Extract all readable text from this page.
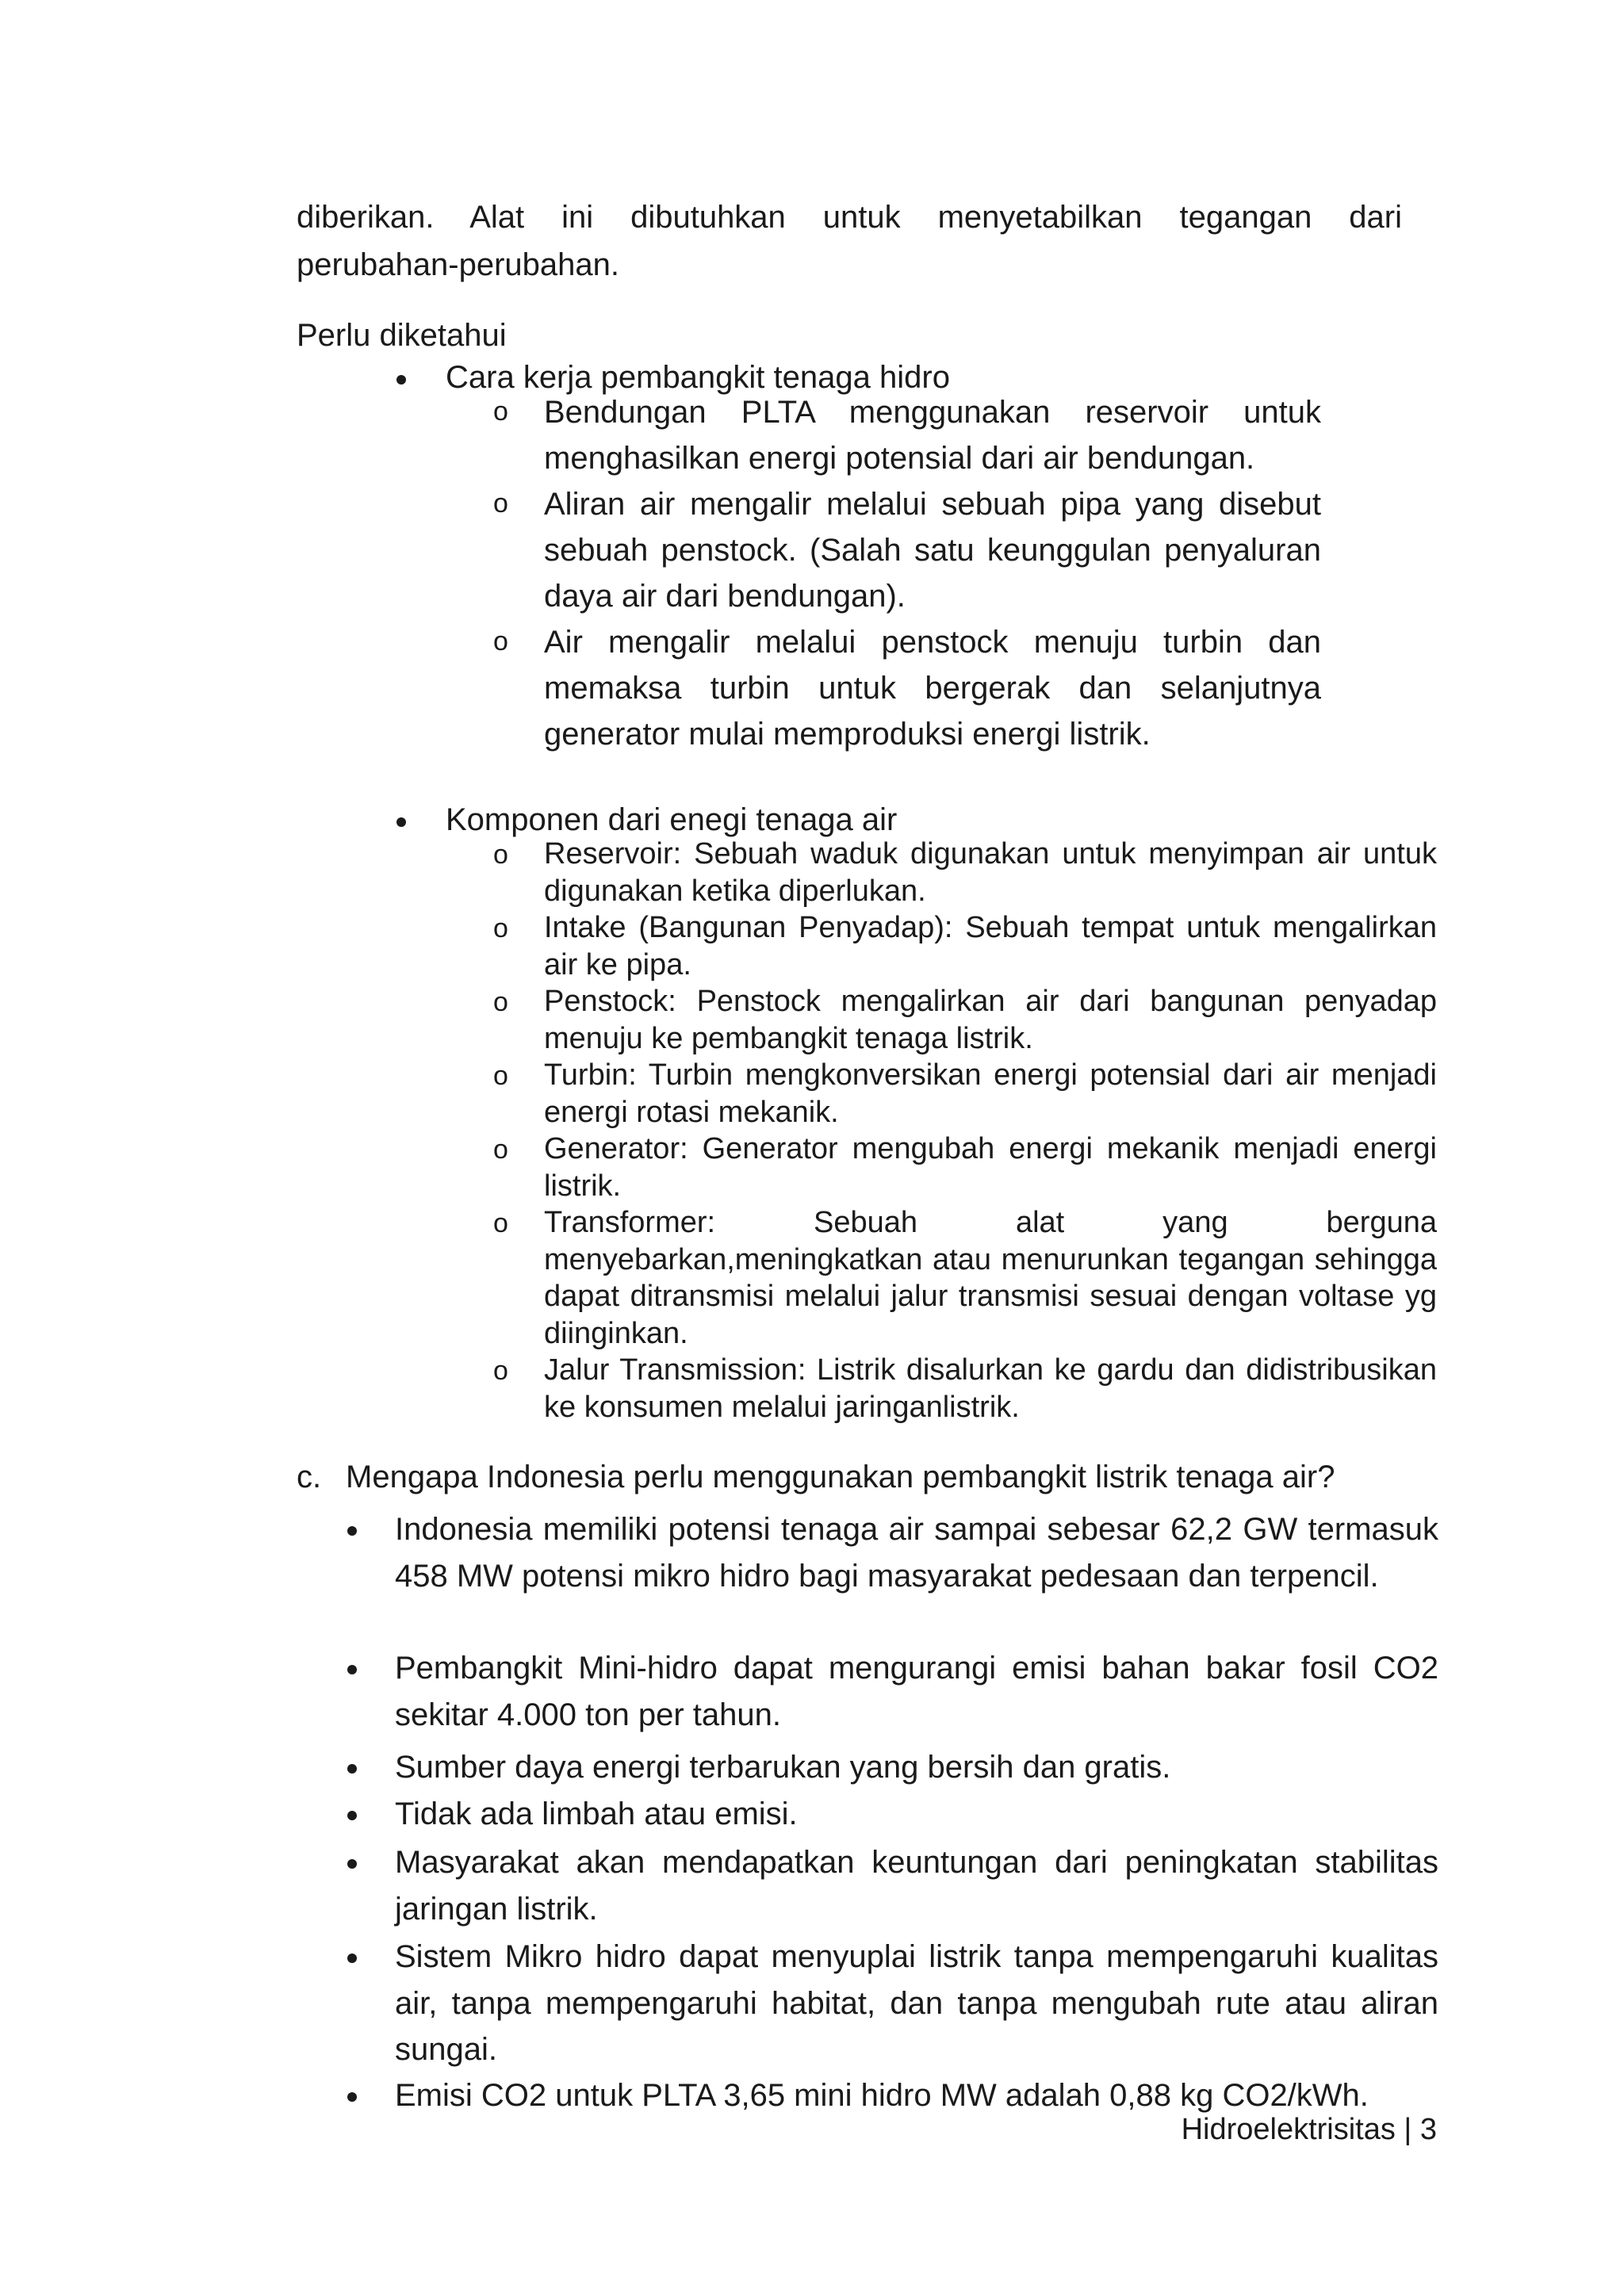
diberikan. Alat ini dibutuhkan untuk menyetabilkan tegangan dari
perubahan-perubahan.
Perlu diketahui
Cara kerja pembangkit tenaga hidro
o Bendungan PLTA menggunakan reservoir untuk menghasilkan energi potensial dari air bendungan.

o Aliran air mengalir melalui sebuah pipa yang disebut sebuah penstock. (Salah satu keunggulan penyaluran daya air dari bendungan).

o Air mengalir melalui penstock menuju turbin dan memaksa turbin untuk bergerak dan selanjutnya generator mulai memproduksi energi listrik.

Komponen dari enegi tenaga air
o Reservoir: Sebuah waduk digunakan untuk menyimpan air untuk digunakan ketika diperlukan.

o Intake (Bangunan Penyadap): Sebuah tempat untuk mengalirkan air ke pipa.

o Penstock: Penstock mengalirkan air dari bangunan penyadap menuju ke pembangkit tenaga listrik.

o Turbin: Turbin mengkonversikan energi potensial dari air menjadi energi rotasi mekanik.

o Generator: Generator mengubah energi mekanik menjadi energi listrik.

o Transformer: Sebuah alat yang berguna menyebarkan,meningkatkan atau menurunkan tegangan sehingga dapat ditransmisi melalui jalur transmisi sesuai dengan voltase yg diinginkan.

o Jalur Transmission: Listrik disalurkan ke gardu dan didistribusikan ke konsumen melalui jaringanlistrik.

c. Mengapa Indonesia perlu menggunakan pembangkit listrik tenaga air?

Indonesia memiliki potensi tenaga air sampai sebesar 62,2 GW termasuk 458 MW potensi mikro hidro bagi masyarakat pedesaan dan terpencil.

Pembangkit Mini-hidro dapat mengurangi emisi bahan bakar fosil CO2 sekitar 4.000 ton per tahun.

Sumber daya energi terbarukan yang bersih dan gratis.

Tidak ada limbah atau emisi.

Masyarakat akan mendapatkan keuntungan dari peningkatan stabilitas jaringan listrik.

Sistem Mikro hidro dapat menyuplai listrik tanpa mempengaruhi kualitas air, tanpa mempengaruhi habitat, dan tanpa mengubah rute atau aliran sungai.

Emisi CO2 untuk PLTA 3,65 mini hidro MW adalah 0,88 kg CO2/kWh.

Hidroelektrisitas | 3
